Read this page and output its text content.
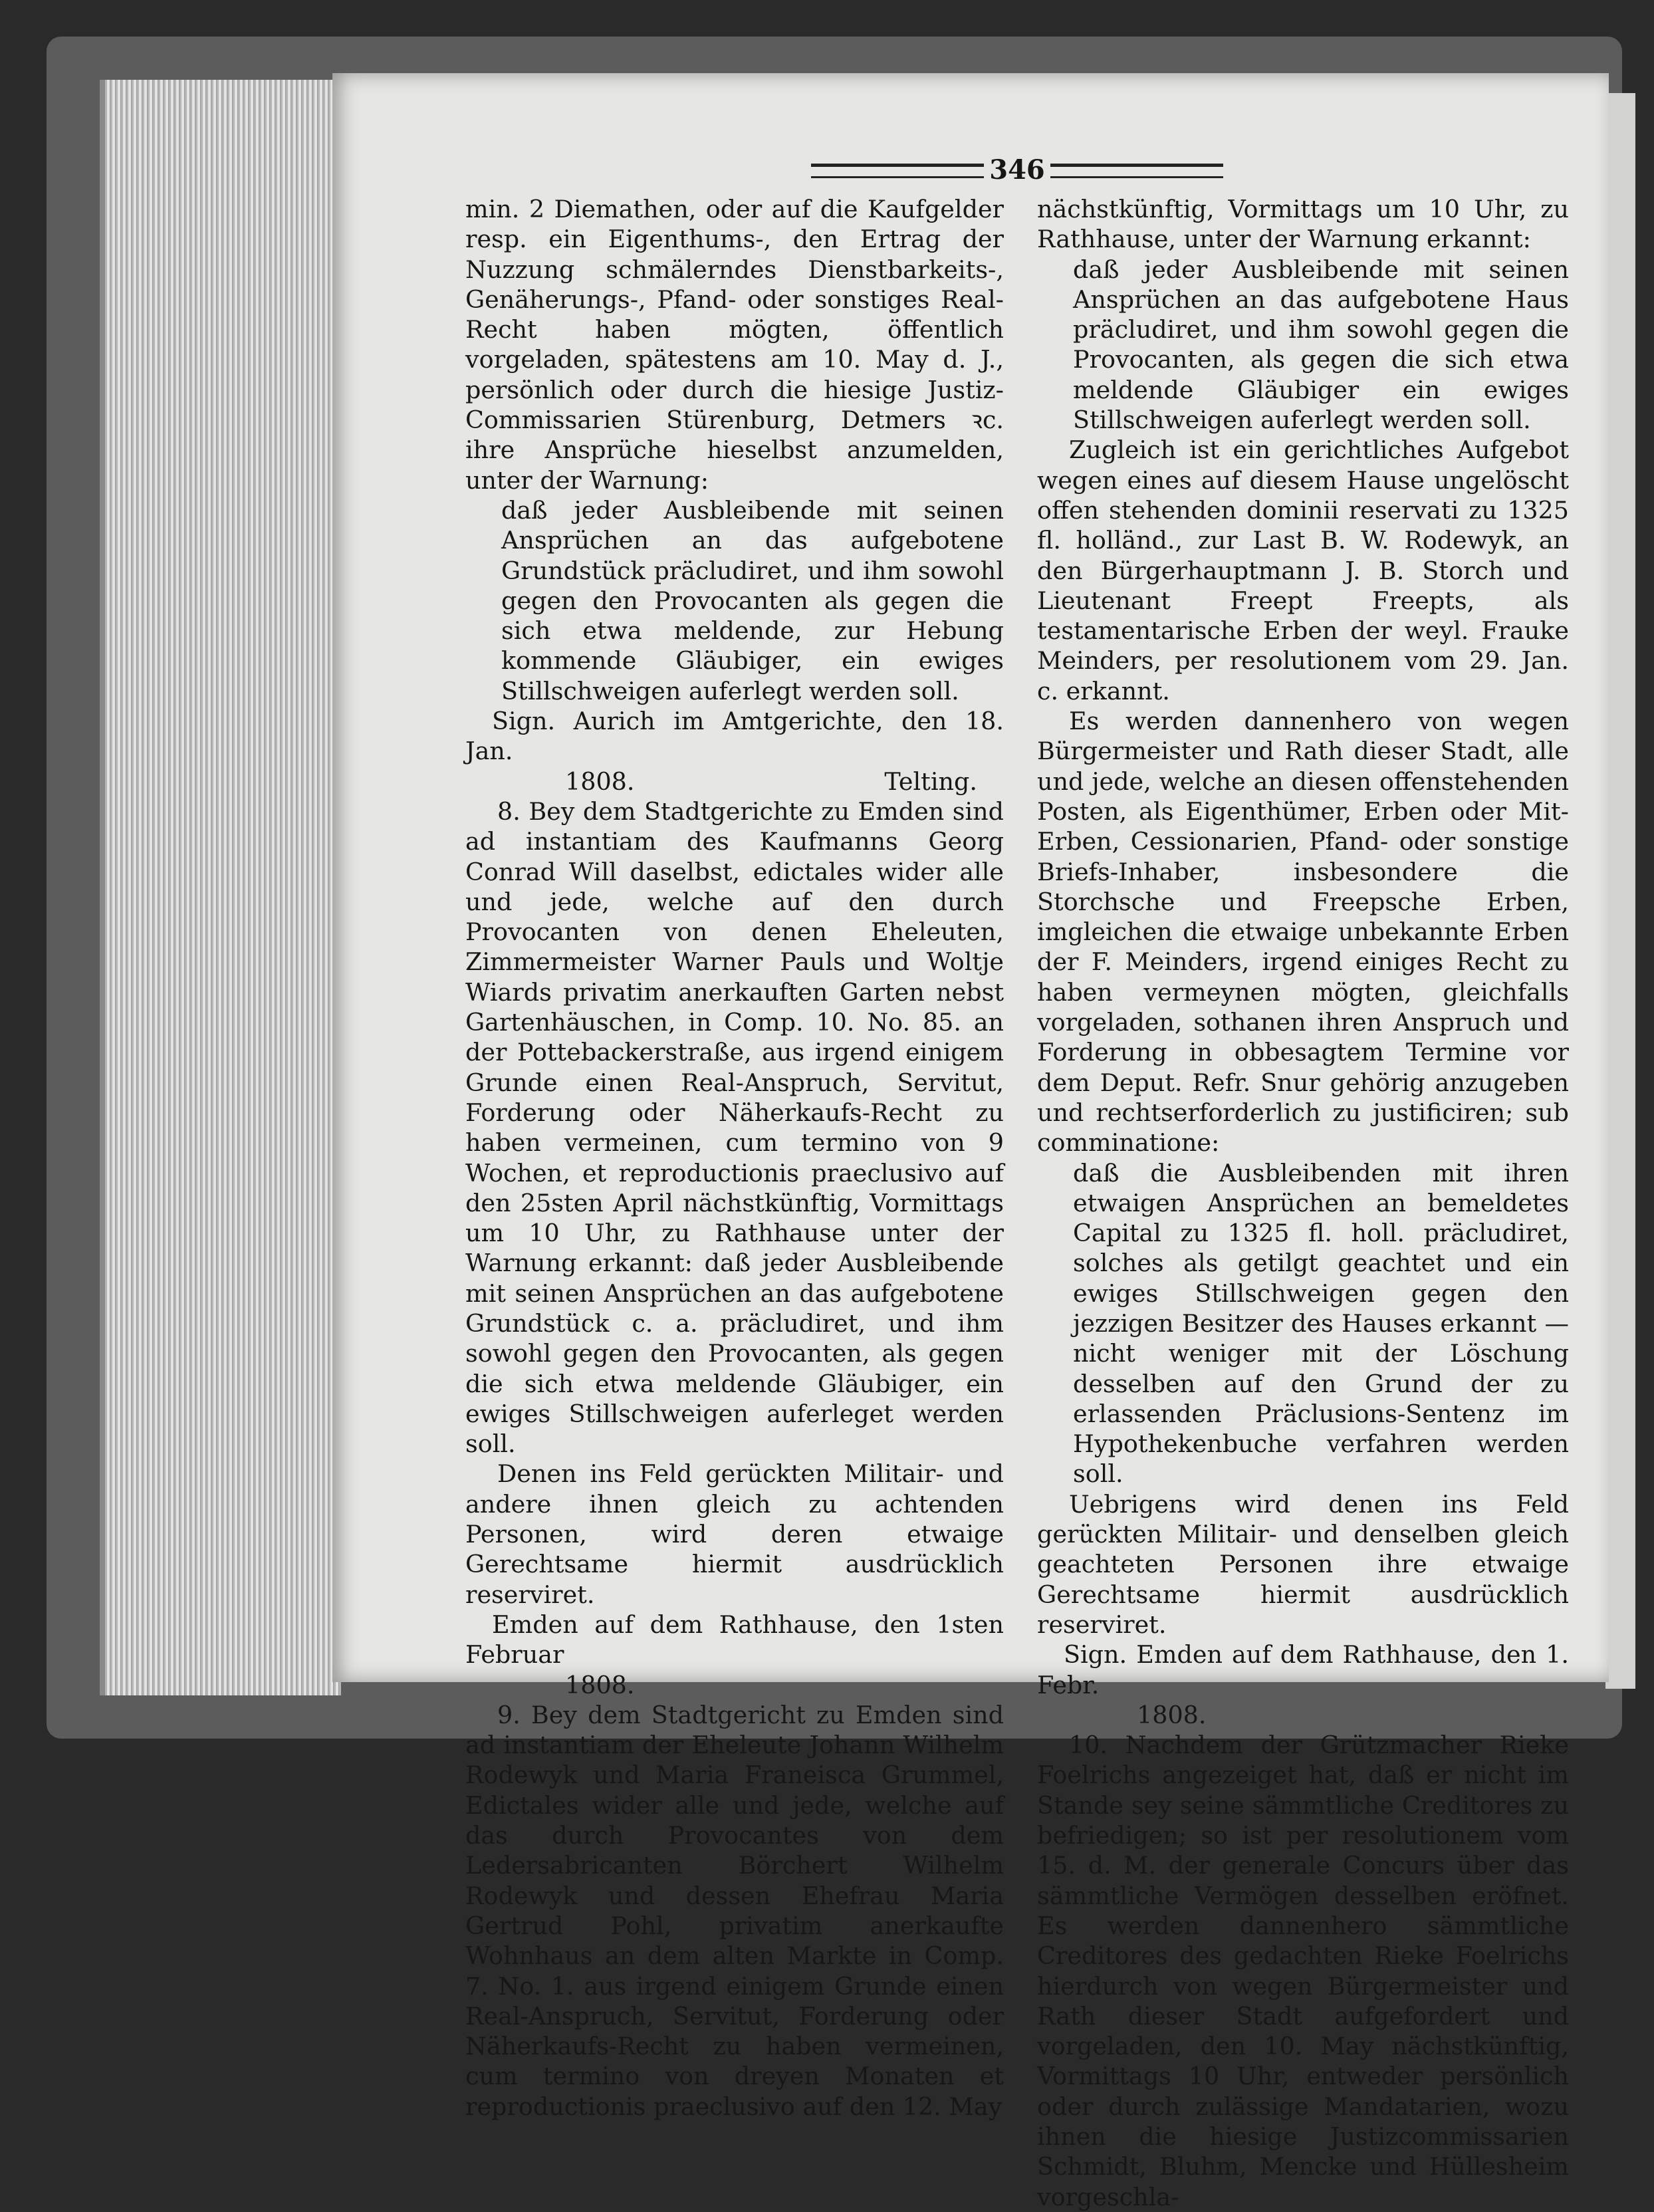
346

min. 2 Diemathen, oder auf die Kaufgelder resp. ein Eigenthums-, den Ertrag der Nuzzung schmälerndes Dienstbarkeits-, Genäherungs-, Pfand- oder sonstiges Real-Recht haben mögten, öffentlich vorgeladen, spätestens am 10. May d. J., persönlich oder durch die hiesige Justiz-Commissarien Stürenburg, Detmers ꝛc. ihre Ansprüche hieselbst anzumelden, unter der Warnung:

daß jeder Ausbleibende mit seinen Ansprüchen an das aufgebotene Grundstück präcludiret, und ihm sowohl gegen den Provocanten als gegen die sich etwa meldende, zur Hebung kommende Gläubiger, ein ewiges Stillschweigen auferlegt werden soll.

Sign. Aurich im Amtgerichte, den 18. Jan.

1808.	Telting.

8. Bey dem Stadtgerichte zu Emden sind ad instantiam des Kaufmanns Georg Conrad Will daselbst, edictales wider alle und jede, welche auf den durch Provocanten von denen Eheleuten, Zimmermeister Warner Pauls und Woltje Wiards privatim anerkauften Garten nebst Gartenhäuschen, in Comp. 10. No. 85. an der Pottebackerstraße, aus irgend einigem Grunde einen Real-Anspruch, Servitut, Forderung oder Näherkaufs-Recht zu haben vermeinen, cum termino von 9 Wochen, et reproductionis praeclusivo auf den 25sten April nächstkünftig, Vormittags um 10 Uhr, zu Rathhause unter der Warnung erkannt: daß jeder Ausbleibende mit seinen Ansprüchen an das aufgebotene Grundstück c. a. präcludiret, und ihm sowohl gegen den Provocanten, als gegen die sich etwa meldende Gläubiger, ein ewiges Stillschweigen auferleget werden soll.

Denen ins Feld gerückten Militair- und andere ihnen gleich zu achtenden Personen, wird deren etwaige Gerechtsame hiermit ausdrücklich reserviret.

Emden auf dem Rathhause, den 1sten Februar

1808.

9. Bey dem Stadtgericht zu Emden sind ad instantiam der Eheleute Johann Wilhelm Rodewyk und Maria Franeisca Grummel, Edictales wider alle und jede, welche auf das durch Provocantes von dem Ledersabricanten Börchert Wilhelm Rodewyk und dessen Ehefrau Maria Gertrud Pohl, privatim anerkaufte Wohnhaus an dem alten Markte in Comp. 7. No. 1. aus irgend einigem Grunde einen Real-Anspruch, Servitut, Forderung oder Näherkaufs-Recht zu haben vermeinen, cum termino von dreyen Monaten et reproductionis praeclusivo auf den 12. May

nächstkünftig, Vormittags um 10 Uhr, zu Rathhause, unter der Warnung erkannt:

daß jeder Ausbleibende mit seinen Ansprüchen an das aufgebotene Haus präcludiret, und ihm sowohl gegen die Provocanten, als gegen die sich etwa meldende Gläubiger ein ewiges Stillschweigen auferlegt werden soll.

Zugleich ist ein gerichtliches Aufgebot wegen eines auf diesem Hause ungelöscht offen stehenden dominii reservati zu 1325 fl. holländ., zur Last B. W. Rodewyk, an den Bürgerhauptmann J. B. Storch und Lieutenant Freept Freepts, als testamentarische Erben der weyl. Frauke Meinders, per resolutionem vom 29. Jan. c. erkannt.

Es werden dannenhero von wegen Bürgermeister und Rath dieser Stadt, alle und jede, welche an diesen offenstehenden Posten, als Eigenthümer, Erben oder Mit-Erben, Cessionarien, Pfand- oder sonstige Briefs-Inhaber, insbesondere die Storchsche und Freepsche Erben, imgleichen die etwaige unbekannte Erben der F. Meinders, irgend einiges Recht zu haben vermeynen mögten, gleichfalls vorgeladen, sothanen ihren Anspruch und Forderung in obbesagtem Termine vor dem Deput. Refr. Snur gehörig anzugeben und rechtserforderlich zu justificiren; sub comminatione:

daß die Ausbleibenden mit ihren etwaigen Ansprüchen an bemeldetes Capital zu 1325 fl. holl. präcludiret, solches als getilgt geachtet und ein ewiges Stillschweigen gegen den jezzigen Besitzer des Hauses erkannt — nicht weniger mit der Löschung desselben auf den Grund der zu erlassenden Präclusions-Sentenz im Hypothekenbuche verfahren werden soll.

Uebrigens wird denen ins Feld gerückten Militair- und denselben gleich geachteten Personen ihre etwaige Gerechtsame hiermit ausdrücklich reserviret.

Sign. Emden auf dem Rathhause, den 1. Febr.

1808.

10. Nachdem der Grützmacher Rieke Foelrichs angezeiget hat, daß er nicht im Stande sey seine sämmtliche Creditores zu befriedigen; so ist per resolutionem vom 15. d. M. der generale Concurs über das sämmtliche Vermögen desselben eröfnet. Es werden dannenhero sämmtliche Creditores des gedachten Rieke Foelrichs hierdurch von wegen Bürgermeister und Rath dieser Stadt aufgefordert und vorgeladen, den 10. May nächstkünftig, Vormittags 10 Uhr, entweder persönlich oder durch zulässige Mandatarien, wozu ihnen die hiesige Justizcommissarien Schmidt, Bluhm, Mencke und Hüllesheim vorgeschla-
